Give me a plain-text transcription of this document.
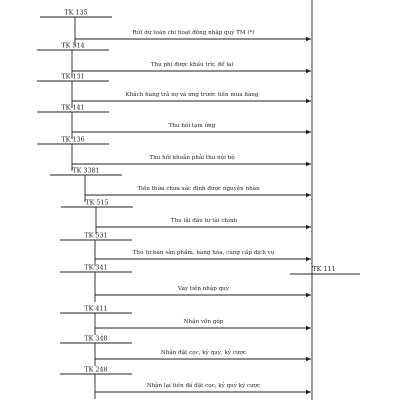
TK 111
TK 135
Rút dự toán chi hoạt động nhập quỹ TM (*)
TK 514
Thu phí được khấu trừ, để lại
TK 131
Khách hàng trả nợ và ứng trước tiền mua hàng
TK 141
Thu hồi tạm ứng
TK 136
Thu hồi khoản phải thu nội bộ
TK 3381
Tiền thừa chưa xác định được nguyên nhân
TK 515
Thu lãi đầu tư tài chính
TK 531
Thu từ bán sản phẩm, hàng hóa, cung cấp dịch vụ
TK 341
Vay tiền nhập quỹ
TK 411
Nhận vốn góp
TK 348
Nhận đặt cọc, ký quỹ, ký cược
TK 248
Nhận lại tiền đã đặt cọc, ký quỹ ký cược
